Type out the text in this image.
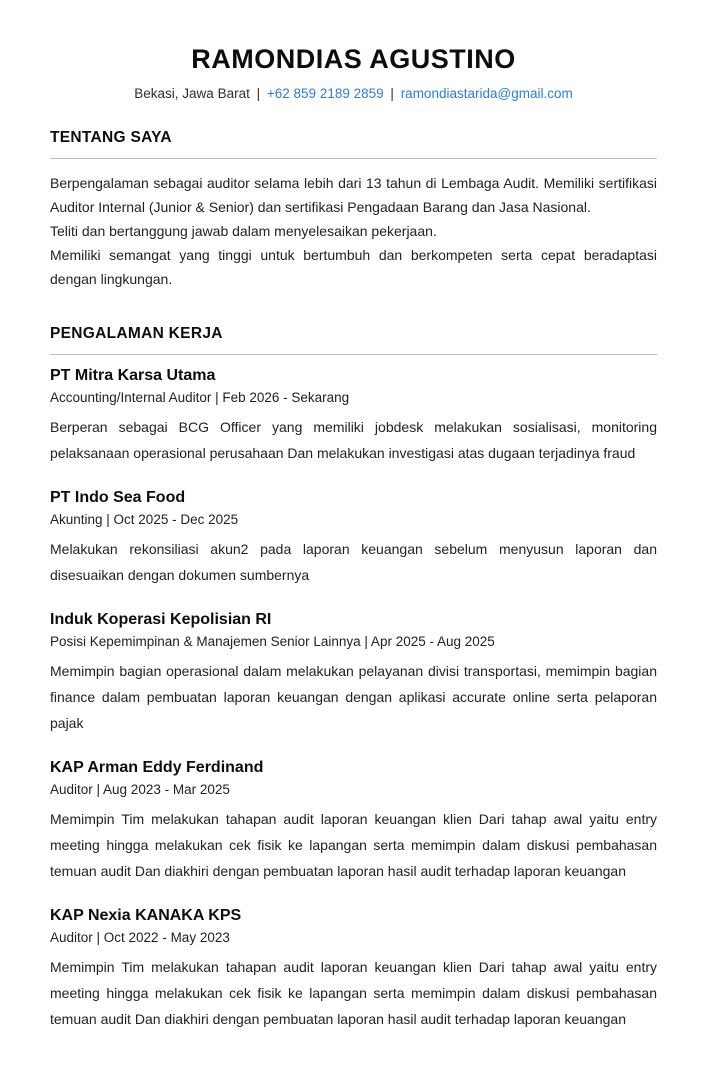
RAMONDIAS AGUSTINO

Bekasi, Jawa Barat | +62 859 2189 2859 | ramondiastarida@gmail.com

TENTANG SAYA

Berpengalaman sebagai auditor selama lebih dari 13 tahun di Lembaga Audit. Memiliki sertifikasi Auditor Internal (Junior & Senior) dan sertifikasi Pengadaan Barang dan Jasa Nasional.

Teliti dan bertanggung jawab dalam menyelesaikan pekerjaan.

Memiliki semangat yang tinggi untuk bertumbuh dan berkompeten serta cepat beradaptasi dengan lingkungan.

PENGALAMAN KERJA
PT Mitra Karsa Utama

Accounting/Internal Auditor | Feb 2026 - Sekarang

Berperan sebagai BCG Officer yang memiliki jobdesk melakukan sosialisasi, monitoring pelaksanaan operasional perusahaan Dan melakukan investigasi atas dugaan terjadinya fraud

PT Indo Sea Food

Akunting | Oct 2025 - Dec 2025

Melakukan rekonsiliasi akun2 pada laporan keuangan sebelum menyusun laporan dan disesuaikan dengan dokumen sumbernya

Induk Koperasi Kepolisian RI

Posisi Kepemimpinan & Manajemen Senior Lainnya | Apr 2025 - Aug 2025

Memimpin bagian operasional dalam melakukan pelayanan divisi transportasi, memimpin bagian finance dalam pembuatan laporan keuangan dengan aplikasi accurate online serta pelaporan pajak

KAP Arman Eddy Ferdinand

Auditor | Aug 2023 - Mar 2025

Memimpin Tim melakukan tahapan audit laporan keuangan klien Dari tahap awal yaitu entry meeting hingga melakukan cek fisik ke lapangan serta memimpin dalam diskusi pembahasan temuan audit Dan diakhiri dengan pembuatan laporan hasil audit terhadap laporan keuangan

KAP Nexia KANAKA KPS

Auditor | Oct 2022 - May 2023

Memimpin Tim melakukan tahapan audit laporan keuangan klien Dari tahap awal yaitu entry meeting hingga melakukan cek fisik ke lapangan serta memimpin dalam diskusi pembahasan temuan audit Dan diakhiri dengan pembuatan laporan hasil audit terhadap laporan keuangan
